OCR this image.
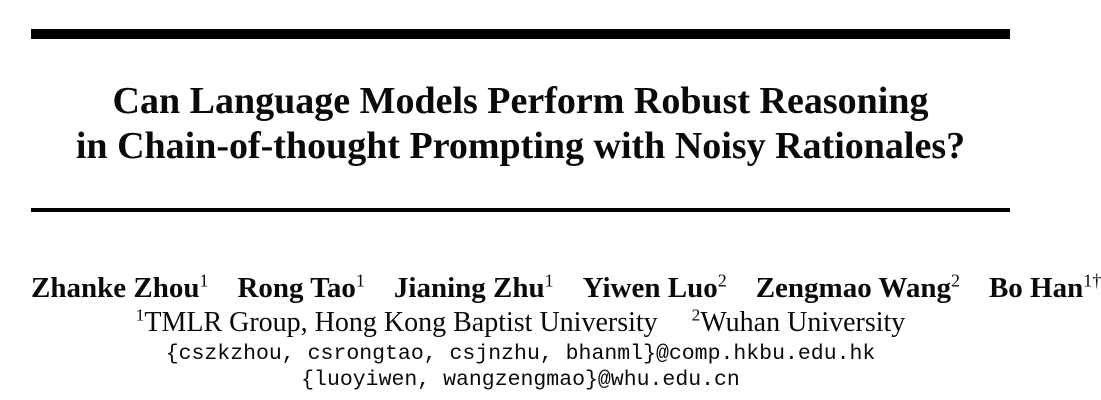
Can Language Models Perform Robust Reasoning
in Chain-of-thought Prompting with Noisy Rationales?
Zhanke Zhou$^1$ Rong Tao$^1$ Jianing Zhu$^1$ Yiwen Luo$^2$ Zengmao Wang$^2$ Bo Han$^{1\dagger}$
$^1$TMLR Group, Hong Kong Baptist University $^2$Wuhan University
{cszkzhou, csrongtao, csjnzhu, bhanml}@comp.hkbu.edu.hk
{luoyiwen, wangzengmao}@whu.edu.cn
